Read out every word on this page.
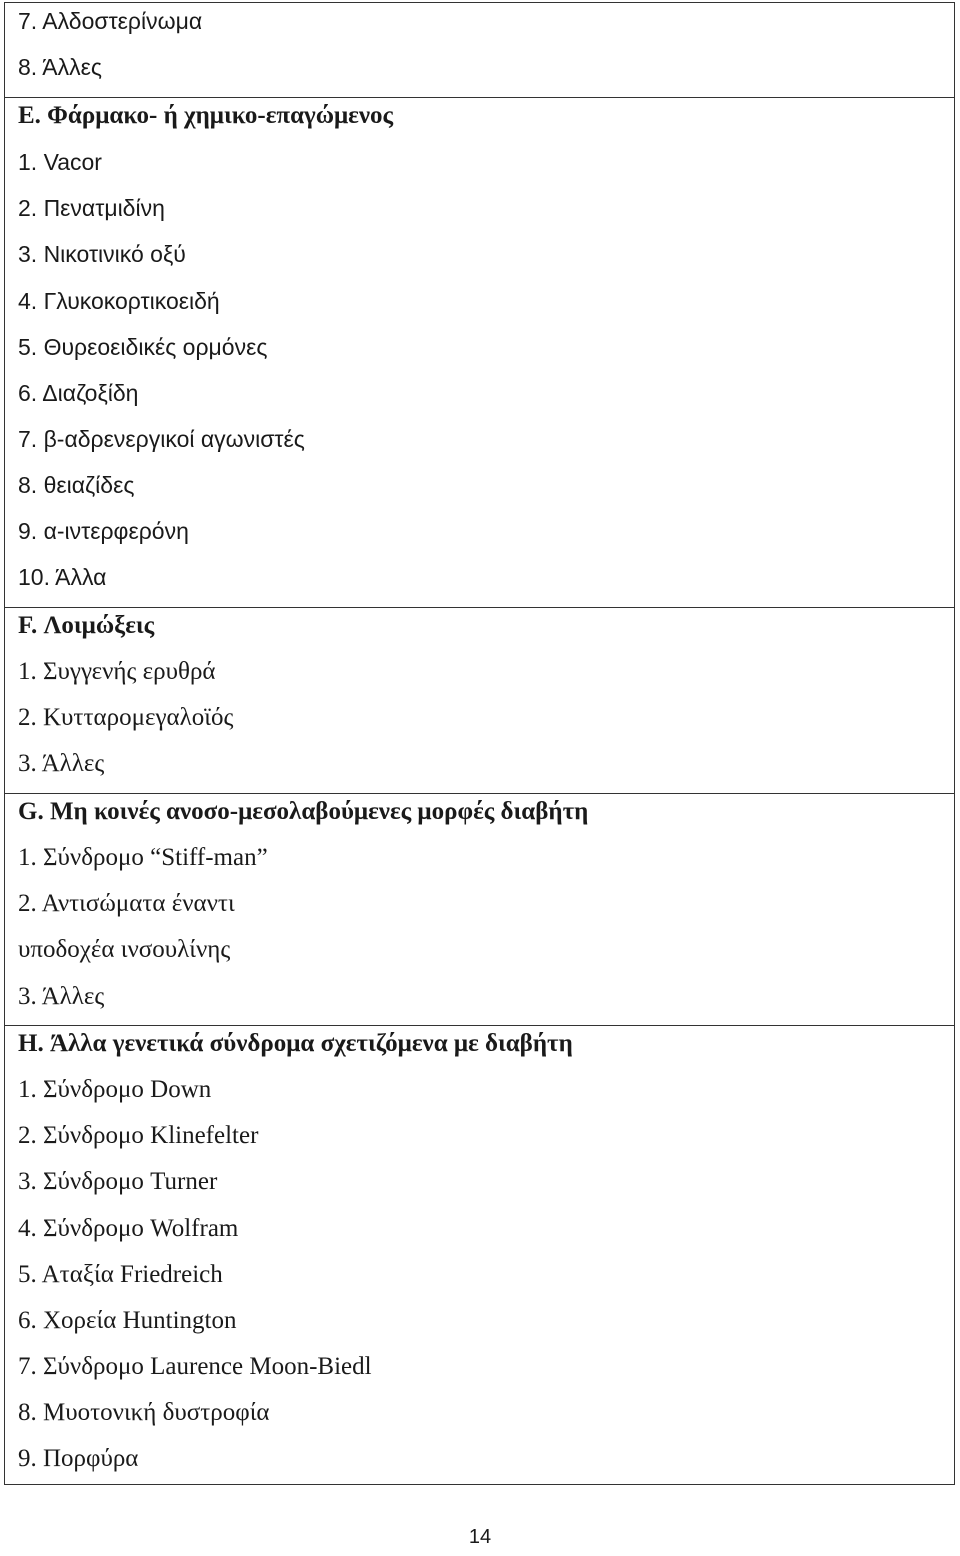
7. Αλδοστερίνωμα
8. Άλλες
E. Φάρμακο- ή χημικο-επαγώμενος
1. Vacor
2. Πενατμιδίνη
3. Νικοτινικό οξύ
4. Γλυκοκορτικοειδή
5. Θυρεοειδικές ορμόνες
6. Διαζοξίδη
7. β-αδρενεργικοί αγωνιστές
8. θειαζίδες
9. α-ιντερφερόνη
10. Άλλα
F. Λοιμώξεις
1. Συγγενής ερυθρά
2. Κυτταρομεγαλοϊός
3. Άλλες
G. Μη κοινές ανοσο-μεσολαβούμενες μορφές διαβήτη
1. Σύνδρομο “Stiff-man”
2. Αντισώματα έναντι
υποδοχέα ινσουλίνης
3. Άλλες
H. Άλλα γενετικά σύνδρομα σχετιζόμενα με διαβήτη
1. Σύνδρομο Down
2. Σύνδρομο Klinefelter
3. Σύνδρομο Turner
4. Σύνδρομο Wolfram
5. Αταξία Friedreich
6. Χορεία Huntington
7. Σύνδρομο Laurence Moon-Biedl
8. Μυοτονική δυστροφία
9. Πορφύρα
14
